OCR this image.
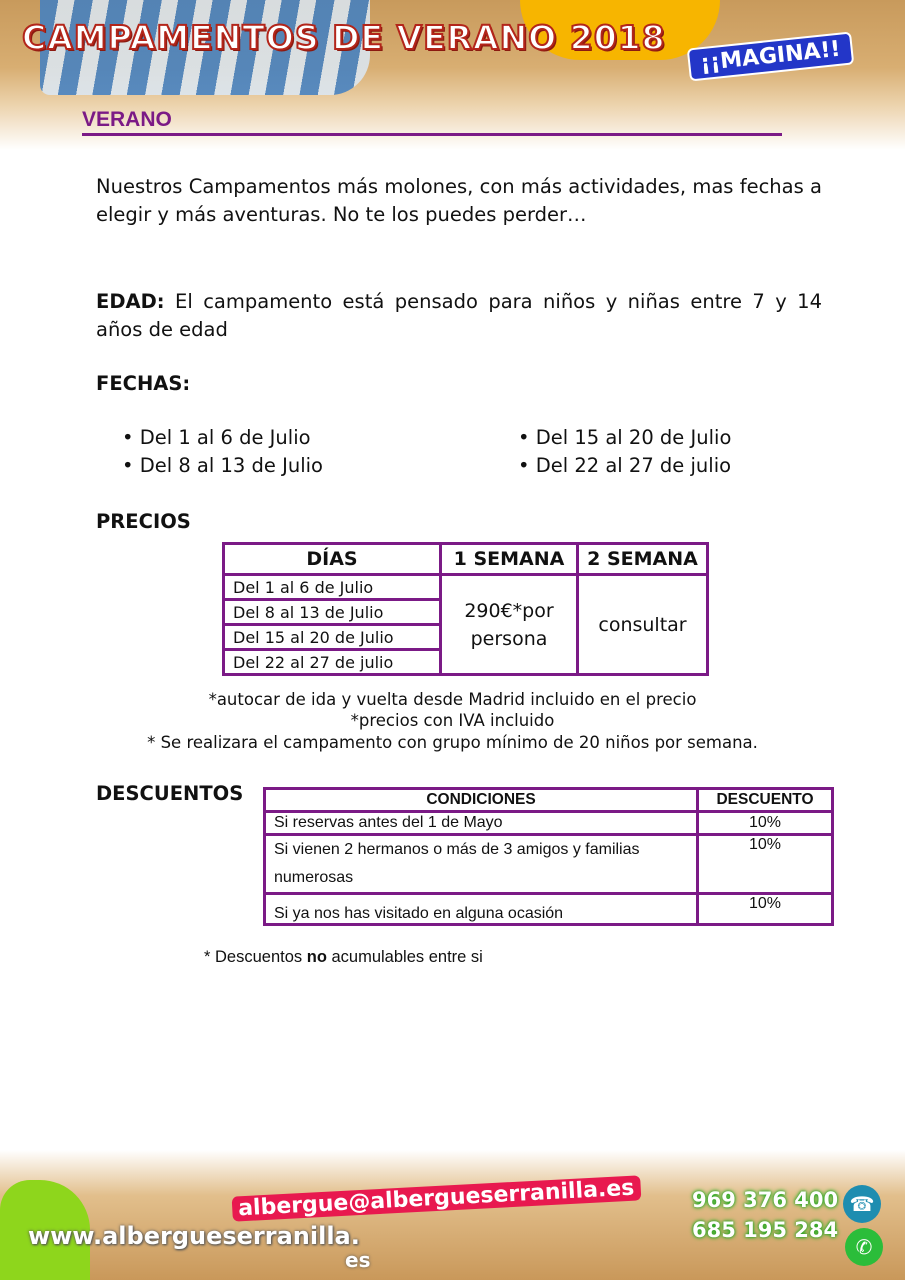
CAMPAMENTOS DE VERANO 2018	¡¡MAGINA!!
VERANO
Nuestros Campamentos más molones, con más actividades, mas fechas a elegir y más aventuras. No te los puedes perder…
EDAD: El campamento está pensado para niños y niñas entre 7 y 14 años de edad
FECHAS:
• Del 1 al 6 de Julio
• Del 8 al 13 de Julio
• Del 15 al 20 de Julio
• Del 22 al 27 de julio
PRECIOS
DÍAS	1 SEMANA	2 SEMANA
Del 1 al 6 de Julio	290€*por persona	consultar
Del 8 al 13 de Julio		
Del 15 al 20 de Julio		
Del 22 al 27 de julio		
*autocar de ida y vuelta desde Madrid incluido en el precio
*precios con IVA incluido
* Se realizara el campamento con grupo mínimo de 20 niños por semana.
DESCUENTOS	CONDICIONES	DESCUENTO
Si reservas antes del 1 de Mayo	10%
Si vienen 2 hermanos o más de 3 amigos y familias numerosas	10%
Si ya nos has visitado en alguna ocasión	10%
* Descuentos no acumulables entre si
albergue@albergueserranilla.es
www.albergueserranilla.
es
969 376 400
685 195 284
☎
✆
